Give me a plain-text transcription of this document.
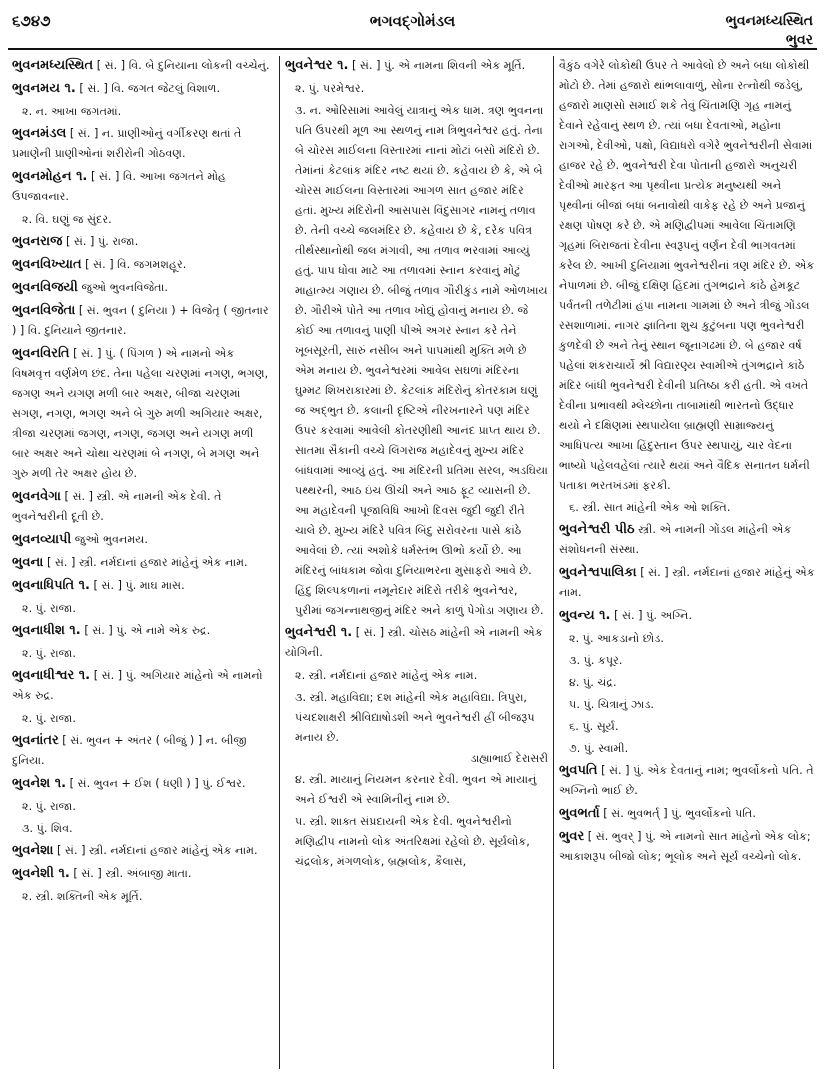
૬૭૪૭	ભગવદ્ગોમંડલ	ભુવનમધ્યસ્થિત
ભુવર
ભુવનમધ્યસ્થિત [ સં. ] વિ. બે દુનિયાના લોકની વચ્ચેનું.
ભુવનમય ૧. [ સં. ] વિ. જગત જેટલું વિશાળ.
૨. ન. આખા જગતમાં.
ભુવનમંડલ [ સં. ] ન. પ્રાણીઓનું વર્ગીકરણ થતાં તે પ્રમાણેની પ્રાણીઓનાં શરીરોની ગોઠવણ.
ભુવનમોહન ૧. [ સં. ] વિ. આખા જગતને મોહ ઉપજાવનાર.
૨. વિ. ઘણું જ સુંદર.
ભુવનરાજ [ સં. ] પું. રાજા.
ભુવનવિખ્યાત [ સં. ] વિ. જગમશહૂર.
ભુવનવિજયી જુઓ ભુવનવિજેતા.
ભુવનવિજેતા [ સં. ભુવન ( દુનિયા ) + વિજેતૃ ( જીતનાર ) ] વિ. દુનિયાને જીતનાર.
ભુવનવિરતિ [ સં. ] પું. ( પિંગળ ) એ નામનો એક વિષમવૃત્ત વર્ણમેળ છંદ. તેના પહેલા ચરણમાં નગણ, ભગણ, જગણ અને યગણ મળી બાર અક્ષર, બીજા ચરણમાં સગણ, નગણ, ભગણ અને બે ગુરુ મળી અગિયાર અક્ષર, ત્રીજા ચરણમાં જગણ, નગણ, જગણ અને યગણ મળી બાર અક્ષર અને ચોથા ચરણમાં બે નગણ, બે મગણ અને ગુરુ મળી તેર અક્ષર હોય છે.
ભુવનવેગા [ સં. ] સ્ત્રી. એ નામની એક દેવી. તે ભુવનેશ્વરીની દૂતી છે.
ભુવનવ્યાપી જુઓ ભુવનમય.
ભુવના [ સં. ] સ્ત્રી. નર્મદાનાં હજાર માંહેનું એક નામ.
ભુવનાધિપતિ ૧. [ સં. ] પું. માઘ માસ.
૨. પું. રાજા.
ભુવનાધીશ ૧. [ સં. ] પું. એ નામે એક રુદ્ર.
૨. પું. રાજા.
ભુવનાધીશ્વર ૧. [ સં. ] પું. અગિયાર માંહેનો એ નામનો એક રુદ્ર.
૨. પું. રાજા.
ભુવનાંતર [ સં. ભુવન + અંતર ( બીજું ) ] ન. બીજી દુનિયા.
ભુવનેશ ૧. [ સં. ભુવન + ઈશ ( ધણી ) ] પું. ઈશ્વર.
૨. પું. રાજા.
૩. પું. શિવ.
ભુવનેશા [ સં. ] સ્ત્રી. નર્મદાનાં હજાર માંહેનું એક નામ.
ભુવનેશી ૧. [ સં. ] સ્ત્રી. અંબાજી માતા.
૨. સ્ત્રી. શક્તિની એક મૂર્તિ.
ભુવનેશ્વર ૧. [ સં. ] પું. એ નામના શિવની એક મૂર્તિ.
૨. પું. પરમેશ્વર.
૩. ન. ઓરિસામાં આવેલું યાત્રાનું એક ધામ. ત્રણ ભુવનના પતિ ઉપરથી મૂળ આ સ્થળનું નામ ત્રિભુવનેશ્વર હતું. તેના બે ચોરસ માઈલના વિસ્તારમાં નાનાં મોટાં બસો મંદિરો છે. તેમાંનાં કેટલાંક મંદિર નષ્ટ થયાં છે. કહેવાય છે કે, એ બે ચોરસ માઈલના વિસ્તારમાં આગળ સાત હજાર મંદિર હતાં. મુખ્ય મંદિરોની આસપાસ વિંદુસાગર નામનું તળાવ છે. તેની વચ્ચે જલમંદિર છે. કહેવાય છે કે, દરેક પવિત્ર તીર્થસ્થાનોથી જલ મંગાવી, આ તળાવ ભરવામાં આવ્યું હતું. પાપ ધોવા માટે આ તળાવમાં સ્નાન કરવાનું મોટું માહાત્મ્ય ગણાય છે. બીજું તળાવ ગૌરીકુંડ નામે ઓળખાય છે. ગૌરીએ પોતે આ તળાવ ખોદ્યું હોવાનું મનાય છે. જે કોઈ આ તળાવનું પાણી પીએ અગર સ્નાન કરે તેને ખૂબસૂરતી, સારું નસીબ અને પાપમાંથી મુક્તિ મળે છે એમ મનાય છે. ભુવનેશ્વરમાં આવેલ સઘળાં મંદિરના ઘુમ્મટ શિખરાકારમાં છે. કેટલાંક મંદિરોનું કોતરકામ ઘણું જ અદ્ભુત છે. કલાની દૃષ્ટિએ નીરખનારને પણ મંદિર ઉપર કરવામાં આવેલી કોતરણીથી આનંદ પ્રાપ્ત થાય છે. સાતમા સૈકાની વચ્ચે લિંગરાજ મહાદેવનું મુખ્ય મંદિર બાંધવામાં આવ્યું હતું. આ મંદિરની પ્રતિમા સરલ, અડઘિયા પથ્થરની, આઠ ઇંચ ઊંચી અને આઠ ફૂટ વ્યાસની છે. આ મહાદેવની પૂજાવિધિ આખો દિવસ જુદી જુદી રીતે ચાલે છે. મુખ્ય મંદિરે પવિત્ર બિંદુ સરોવરના પાસે કાંઠે આવેલાં છે. ત્યાં અશોકે ધર્મસ્તંભ ઊભો કર્યો છે. આ મંદિરનું બાંધકામ જોવા દુનિયાભરના મુસાફરો આવે છે. હિંદુ શિલ્પકળાનાં નમૂનેદાર મંદિરો તરીકે ભુવનેશ્વર, પુરીમાં જગન્નાથજીનું મંદિર અને કાળું પેગોડા ગણાય છે.
ભુવનેશ્વરી ૧. [ સં. ] સ્ત્રી. ચોસઠ માંહેની એ નામની એક યોગિની.
૨. સ્ત્રી. નર્મદાનાં હજાર માંહેનું એક નામ.
૩. સ્ત્રી. મહાવિદ્યા; દશ માંહેની એક મહાવિદ્યા. ત્રિપુરા, પંચદશાક્ષરી શ્રીવિદ્યાષોડશી અને ભુવનેશ્વરી હ્રીં બીજરૂપ મનાય છે.
ડાહ્યાભાઈ દેરાસરી
૪. સ્ત્રી. માયાનું નિયમન કરનાર દેવી. ભુવન એ માયાનું અને ઈશ્વરી એ સ્વામિનીનું નામ છે.
૫. સ્ત્રી. શાક્ત સંપ્રદાયની એક દેવી. ભુવનેશ્વરીનો મણિદ્વીપ નામનો લોક અંતરિક્ષમાં રહેલો છે. સૂર્યલોક, ચંદ્રલોક, મંગળલોક, બ્રહ્મલોક, કૈલાસ,
વૈકુંઠ વગેરે લોકોથી ઉપર તે આવેલો છે અને બધા લોકોથી મોટો છે. તેમાં હજારો થાંભલાવાળું, સોના રત્નોથી જડેલું, હજારો માણસો સમાઈ શકે તેવું ચિંતામણિ ગૃહ નામનું દેવાને રહેવાનું સ્થળ છે. ત્યાં બધા દેવતાઓ, મહોના રાગઓ, દેવીઓ, પક્ષો, વિદ્યાધરો વગેરે ભુવનેશ્વરીની સેવામાં હાજર રહે છે. ભુવનેશ્વરી દેવા પોતાની હજારો અનુચરી દેવીઓ મારફત આ પૃથ્વીના પ્રત્યેક મનુષ્યથી અને પૃથ્વીનાં બીજાં બધાં બનાવોથી વાકેફ રહે છે અને પ્રજાનું રક્ષણ પોષણ કરે છે. એ મણિદ્વીપમાં આવેલા ચિંતામણિ ગૃહમાં બિરાજતાં દેવીના સ્વરૂપનું વર્ણન દેવી ભાગવતમાં કરેલ છે. આખી દુનિયામાં ભુવનેશ્વરીનાં ત્રણ મંદિર છે. એક નેપાળમાં છે. બીજું દક્ષિણ હિંદમાં તુંગભદ્રાને કાંઠે હેમકૂટ પર્વતની તળેટીમાં હંપા નામના ગામમાં છે અને ત્રીજું ગોંડલ રસશાળામાં. નાગર જ્ઞાતિના શુચ કુટુંબના પણ ભુવનેશ્વરી કુળદેવી છે અને તેનું સ્થાન જૂનાગઢમાં છે. બે હજાર વર્ષ પહેલાં શંકરાચાર્યે શ્રી વિદ્યારણ્ય સ્વામીએ તુંગભદ્રાને કાંઠે મંદિર બાંધી ભુવનેશ્વરી દેવીની પ્રતિષ્ઠા કરી હતી. એ વખતે દેવીના પ્રભાવથી મ્લેચ્છોના તાબામાંથી ભારતનો ઉદ્ધાર થયો ને દક્ષિણમાં સ્થપાયેલા બ્રાહ્મણી સામ્રાજ્યનું આધિપત્ય આખા હિંદુસ્તાન ઉપર સ્થપાયું, ચાર વેદના ભાષ્યો પહેલવહેલાં ત્યારે થયાં અને વૈદિક સનાતન ધર્મની પતાકા ભરતખંડમાં ફરકી.
૬. સ્ત્રી. સાત માંહેની એક ઓ શક્તિ.
ભુવનેશ્વરી પીઠ સ્ત્રી. એ નામની ગોંડલ માંહેની એક સંશોધનની સંસ્થા.
ભુવનેશ્વપાલિકા [ સં. ] સ્ત્રી. નર્મદાનાં હજાર માંહેનું એક નામ.
ભુવન્ય ૧. [ સં. ] પું. અગ્નિ.
૨. પું. આકડાનો છોડ.
૩. પું. કપૂર.
૪. પું. ચંદ્ર.
૫. પું. ચિત્રાનું ઝાડ.
૬. પું. સૂર્ય.
૭. પું. સ્વામી.
ભુવપતિ [ સં. ] પું. એક દેવતાનું નામ; ભુવર્લોકનો પતિ. તે અગ્નિનો ભાઈ છે.
ભુવભર્તા [ સં. ભુવભર્ત્ ] પું. ભુવર્લોકનો પતિ.
ભુવર [ સં. ભુવર્ ] પું. એ નામનો સાત માંહેનો એક લોક; આકાશરૂપ બીજો લોક; ભૂલોક અને સૂર્ય વચ્ચેનો લોક.
